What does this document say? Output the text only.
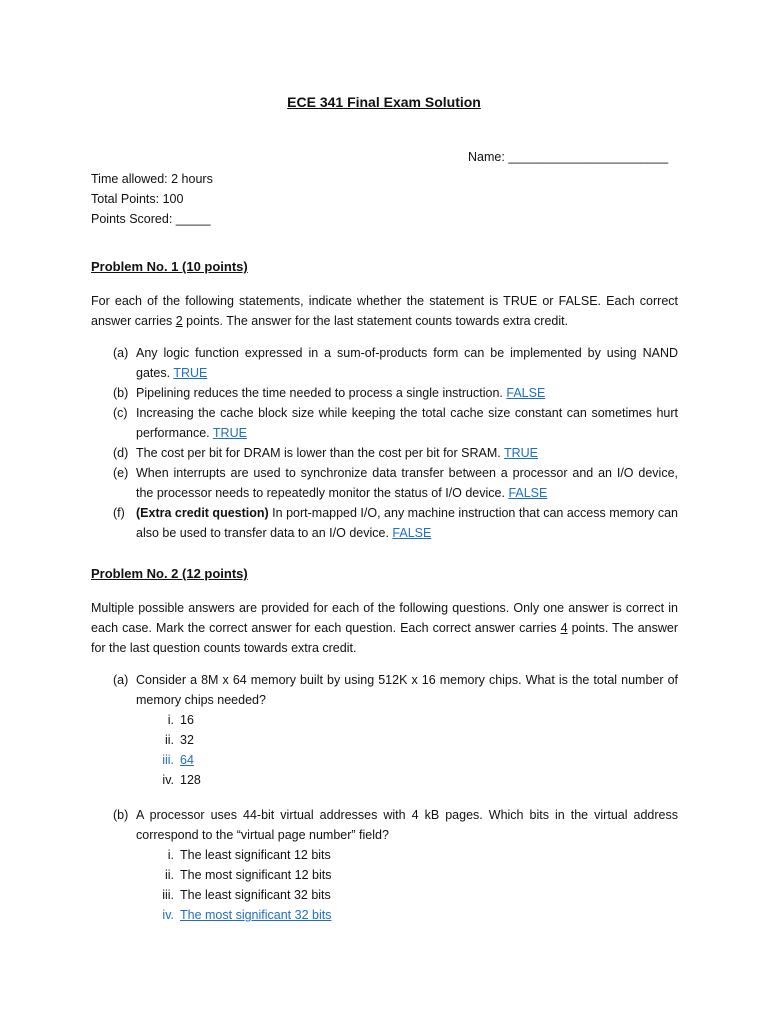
ECE 341 Final Exam Solution
Name: _______________________
Time allowed: 2 hours
Total Points: 100
Points Scored: _____
Problem No. 1 (10 points)
For each of the following statements, indicate whether the statement is TRUE or FALSE. Each correct answer carries 2 points. The answer for the last statement counts towards extra credit.
(a) Any logic function expressed in a sum-of-products form can be implemented by using NAND gates. TRUE
(b) Pipelining reduces the time needed to process a single instruction. FALSE
(c) Increasing the cache block size while keeping the total cache size constant can sometimes hurt performance. TRUE
(d) The cost per bit for DRAM is lower than the cost per bit for SRAM. TRUE
(e) When interrupts are used to synchronize data transfer between a processor and an I/O device, the processor needs to repeatedly monitor the status of I/O device. FALSE
(f) (Extra credit question) In port-mapped I/O, any machine instruction that can access memory can also be used to transfer data to an I/O device. FALSE
Problem No. 2 (12 points)
Multiple possible answers are provided for each of the following questions. Only one answer is correct in each case. Mark the correct answer for each question. Each correct answer carries 4 points. The answer for the last question counts towards extra credit.
(a) Consider a 8M x 64 memory built by using 512K x 16 memory chips. What is the total number of memory chips needed?
i. 16
ii. 32
iii. 64
iv. 128
(b) A processor uses 44-bit virtual addresses with 4 kB pages. Which bits in the virtual address correspond to the “virtual page number” field?
i. The least significant 12 bits
ii. The most significant 12 bits
iii. The least significant 32 bits
iv. The most significant 32 bits
